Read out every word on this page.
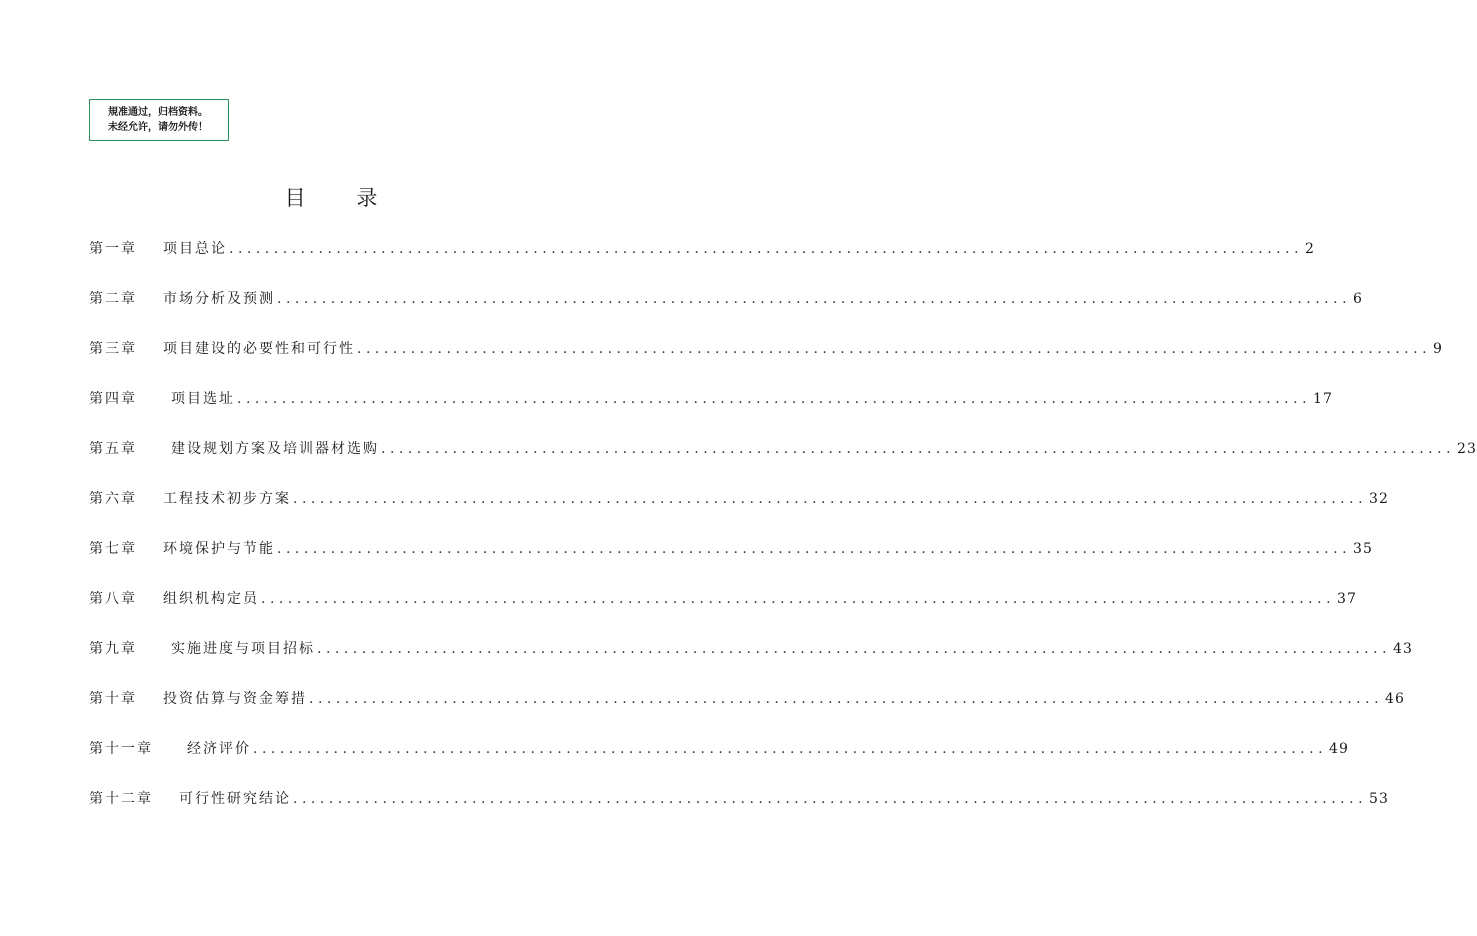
規准通过，归档资料。
未经允许，请勿外传！
目 录
第一章 项目总论 ........................................................................................................................ 2
第二章 市场分析及预测 ........................................................................................................................ 6
第三章 项目建设的必要性和可行性 ........................................................................................................................ 9
第四章 项目选址 ........................................................................................................................ 17
第五章 建设规划方案及培训器材选购 ........................................................................................................................ 23
第六章 工程技术初步方案 ........................................................................................................................ 32
第七章 环境保护与节能 ........................................................................................................................ 35
第八章 组织机构定员 ........................................................................................................................ 37
第九章 实施进度与项目招标 ........................................................................................................................ 43
第十章 投资估算与资金筹措 ........................................................................................................................ 46
第十一章 经济评价 ........................................................................................................................ 49
第十二章 可行性研究结论 ........................................................................................................................ 53
